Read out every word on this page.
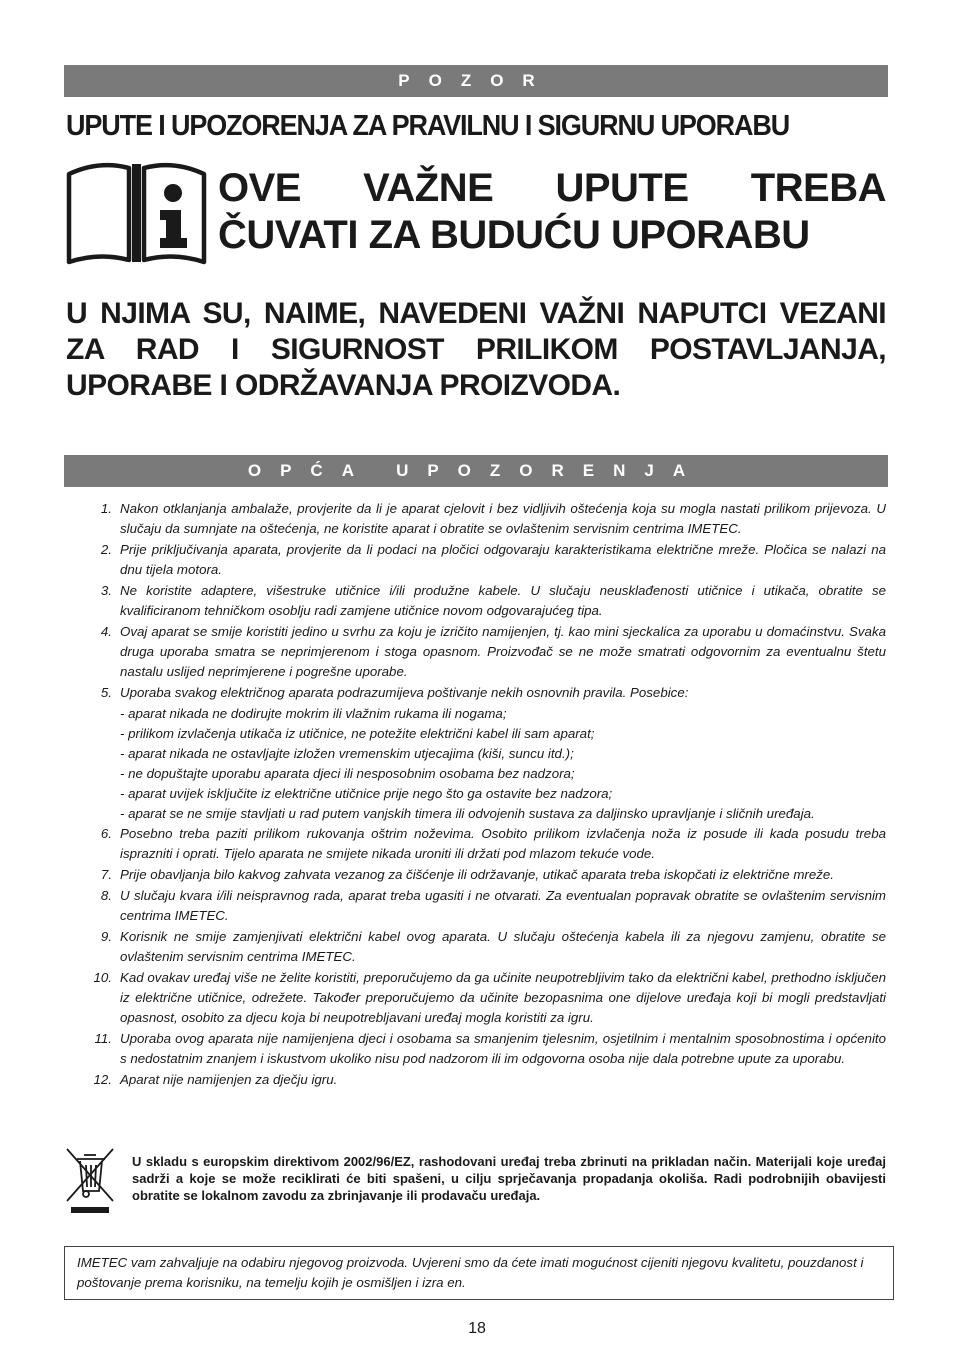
POZOR
UPUTE I UPOZORENJA ZA PRAVILNU I SIGURNU UPORABU
OVE VAŽNE UPUTE TREBA
ČUVATI ZA BUDUĆU UPORABU
U NJIMA SU, NAIME, NAVEDENI VAŽNI NAPUTCI VEZANI
ZA RAD I SIGURNOST PRILIKOM POSTAVLJANJA,
UPORABE I ODRŽAVANJA PROIZVODA.
OPĆA UPOZORENJA
1. Nakon otklanjanja ambalaže, provjerite da li je aparat cjelovit i bez vidljivih oštećenja koja su mogla nastati prilikom prijevoza. U slučaju da sumnjate na oštećenja, ne koristite aparat i obratite se ovlaštenim servisnim centrima IMETEC.
2. Prije priključivanja aparata, provjerite da li podaci na pločici odgovaraju karakteristikama električne mreže. Pločica se nalazi na dnu tijela motora.
3. Ne koristite adaptere, višestruke utičnice i/ili produžne kabele. U slučaju neusklađenosti utičnice i utikača, obratite se kvalificiranom tehničkom osoblju radi zamjene utičnice novom odgovarajućeg tipa.
4. Ovaj aparat se smije koristiti jedino u svrhu za koju je izričito namijenjen, tj. kao mini sjeckalica za uporabu u domaćinstvu. Svaka druga uporaba smatra se neprimjerenom i stoga opasnom. Proizvođač se ne može smatrati odgovornim za eventualnu štetu nastalu uslijed neprimjerene i pogrešne uporabe.
5. Uporaba svakog električnog aparata podrazumijeva poštivanje nekih osnovnih pravila. Posebice:
- aparat nikada ne dodirujte mokrim ili vlažnim rukama ili nogama;
- prilikom izvlačenja utikača iz utičnice, ne potežite električni kabel ili sam aparat;
- aparat nikada ne ostavljajte izložen vremenskim utjecajima (kiši, suncu itd.);
- ne dopuštajte uporabu aparata djeci ili nesposobnim osobama bez nadzora;
- aparat uvijek isključite iz električne utičnice prije nego što ga ostavite bez nadzora;
- aparat se ne smije stavljati u rad putem vanjskih timera ili odvojenih sustava za daljinsko upravljanje i sličnih uređaja.
6. Posebno treba paziti prilikom rukovanja oštrim noževima. Osobito prilikom izvlačenja noža iz posude ili kada posudu treba isprazniti i oprati. Tijelo aparata ne smijete nikada uroniti ili držati pod mlazom tekuće vode.
7. Prije obavljanja bilo kakvog zahvata vezanog za čišćenje ili održavanje, utikač aparata treba iskopčati iz električne mreže.
8. U slučaju kvara i/ili neispravnog rada, aparat treba ugasiti i ne otvarati. Za eventualan popravak obratite se ovlaštenim servisnim centrima IMETEC.
9. Korisnik ne smije zamjenjivati električni kabel ovog aparata. U slučaju oštećenja kabela ili za njegovu zamjenu, obratite se ovlaštenim servisnim centrima IMETEC.
10. Kad ovakav uređaj više ne želite koristiti, preporučujemo da ga učinite neupotrebljivim tako da električni kabel, prethodno isključen iz električne utičnice, odrežete. Također preporučujemo da učinite bezopasnima one dijelove uređaja koji bi mogli predstavljati opasnost, osobito za djecu koja bi neupotrebljavani uređaj mogla koristiti za igru.
11. Uporaba ovog aparata nije namijenjena djeci i osobama sa smanjenim tjelesnim, osjetilnim i mentalnim sposobnostima i općenito s nedostatnim znanjem i iskustvom ukoliko nisu pod nadzorom ili im odgovorna osoba nije dala potrebne upute za uporabu.
12. Aparat nije namijenjen za dječju igru.
U skladu s europskim direktivom 2002/96/EZ, rashodovani uređaj treba zbrinuti na prikladan način. Materijali koje uređaj sadrži a koje se može reciklirati će biti spašeni, u cilju sprječavanja propadanja okoliša. Radi podrobnijih obavijesti obratite se lokalnom zavodu za zbrinjavanje ili prodavaču uređaja.
IMETEC vam zahvaljuje na odabiru njegovog proizvoda. Uvjereni smo da ćete imati mogućnost cijeniti njegovu kvalitetu, pouzdanost i poštovanje prema korisniku, na temelju kojih je osmišljen i izra en.
18
